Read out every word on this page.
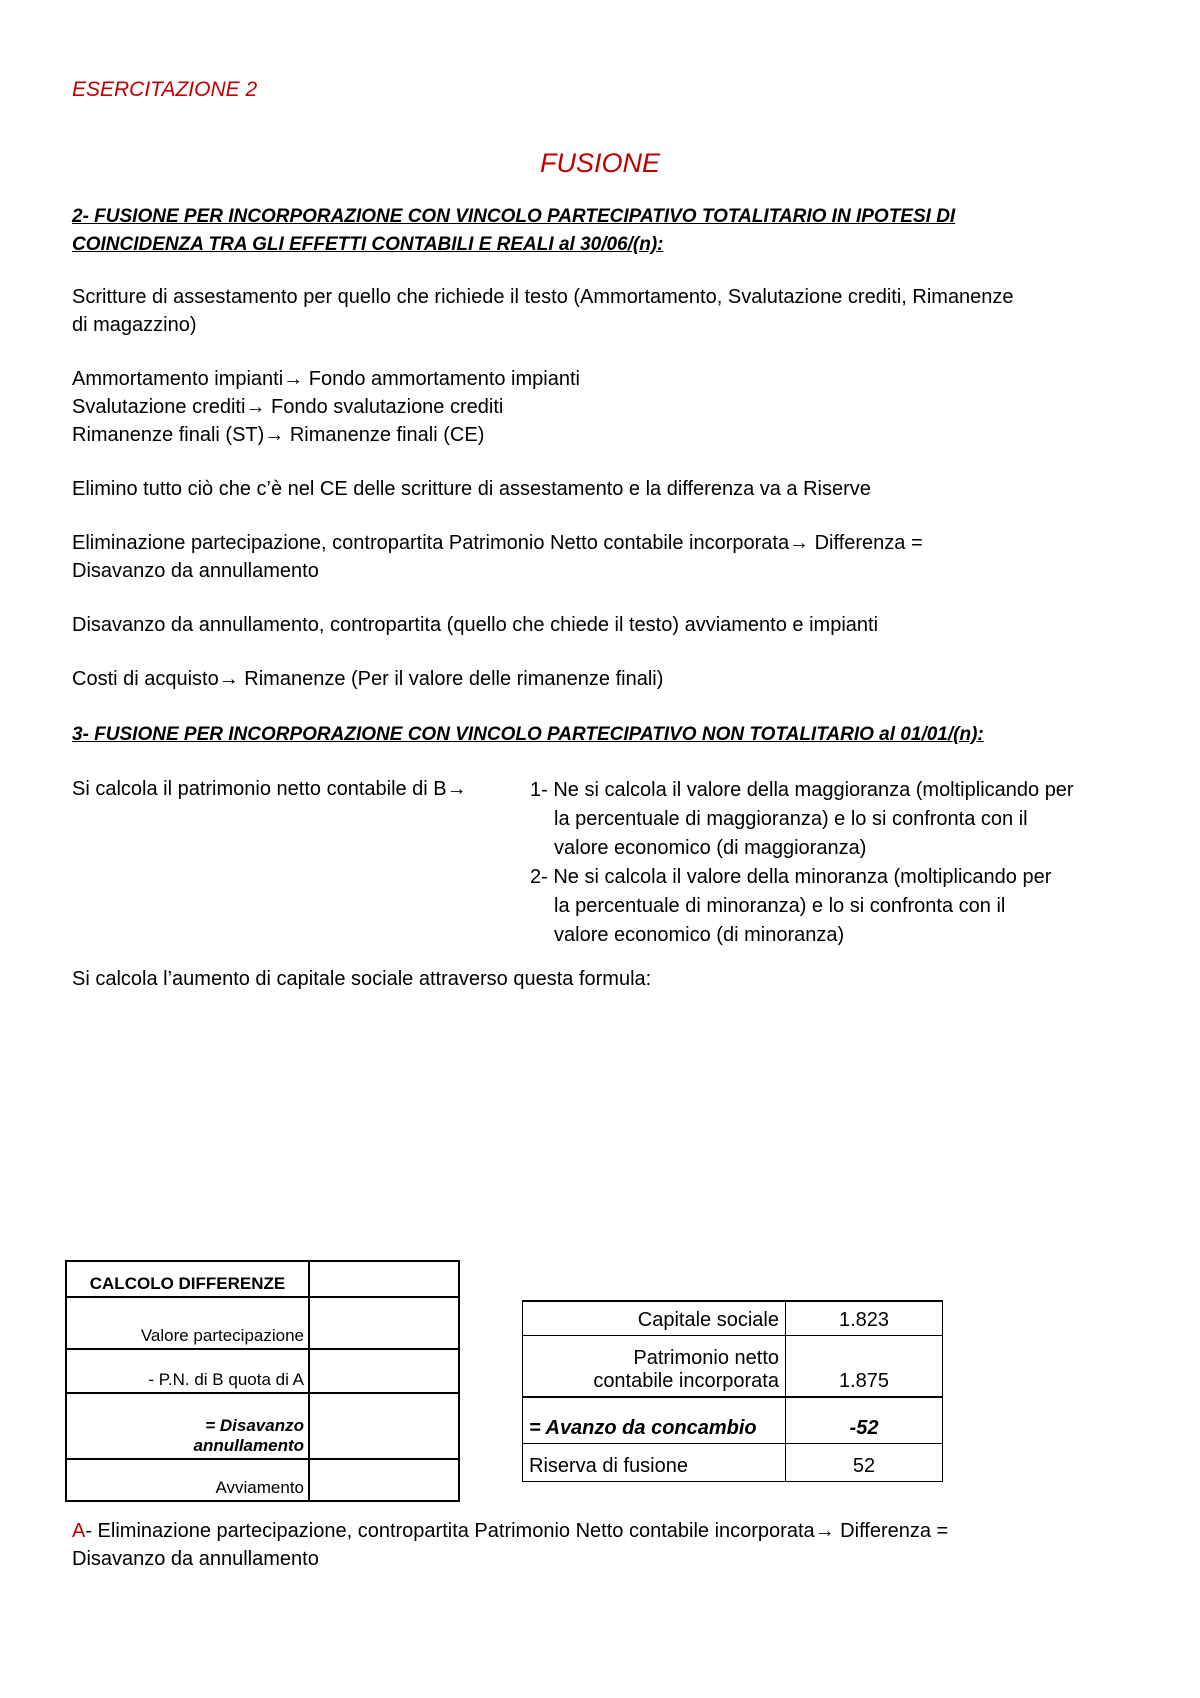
ESERCITAZIONE 2
FUSIONE
2- FUSIONE PER INCORPORAZIONE CON VINCOLO PARTECIPATIVO TOTALITARIO IN IPOTESI DI
COINCIDENZA TRA GLI EFFETTI CONTABILI E REALI al 30/06/(n):

Scritture di assestamento per quello che richiede il testo (Ammortamento, Svalutazione crediti, Rimanenze

di magazzino)

Ammortamento impianti→ Fondo ammortamento impianti

Svalutazione crediti→ Fondo svalutazione crediti

Rimanenze finali (ST)→ Rimanenze finali (CE)

Elimino tutto ciò che c’è nel CE delle scritture di assestamento e la differenza va a Riserve

Eliminazione partecipazione, contropartita Patrimonio Netto contabile incorporata→ Differenza =

Disavanzo da annullamento

Disavanzo da annullamento, contropartita (quello che chiede il testo) avviamento e impianti

Costi di acquisto→ Rimanenze (Per il valore delle rimanenze finali)

3- FUSIONE PER INCORPORAZIONE CON VINCOLO PARTECIPATIVO NON TOTALITARIO al 01/01/(n):

Si calcola il patrimonio netto contabile di B→	1- Ne si calcola il valore della maggioranza (moltiplicando per
la percentuale di maggioranza) e lo si confronta con il
valore economico (di maggioranza)
2- Ne si calcola il valore della minoranza (moltiplicando per
la percentuale di minoranza) e lo si confronta con il
valore economico (di minoranza)

Si calcola l’aumento di capitale sociale attraverso questa formula:

CALCOLO DIFFERENZE	
Valore partecipazione	
- P.N. di B quota di A	

= Disavanzo
annullamento	

Avviamento	
Capitale sociale	1.823

Patrimonio netto
contabile incorporata	1.875
= Avanzo da concambio	-52
Riserva di fusione	52

A- Eliminazione partecipazione, contropartita Patrimonio Netto contabile incorporata→ Differenza =

Disavanzo da annullamento
